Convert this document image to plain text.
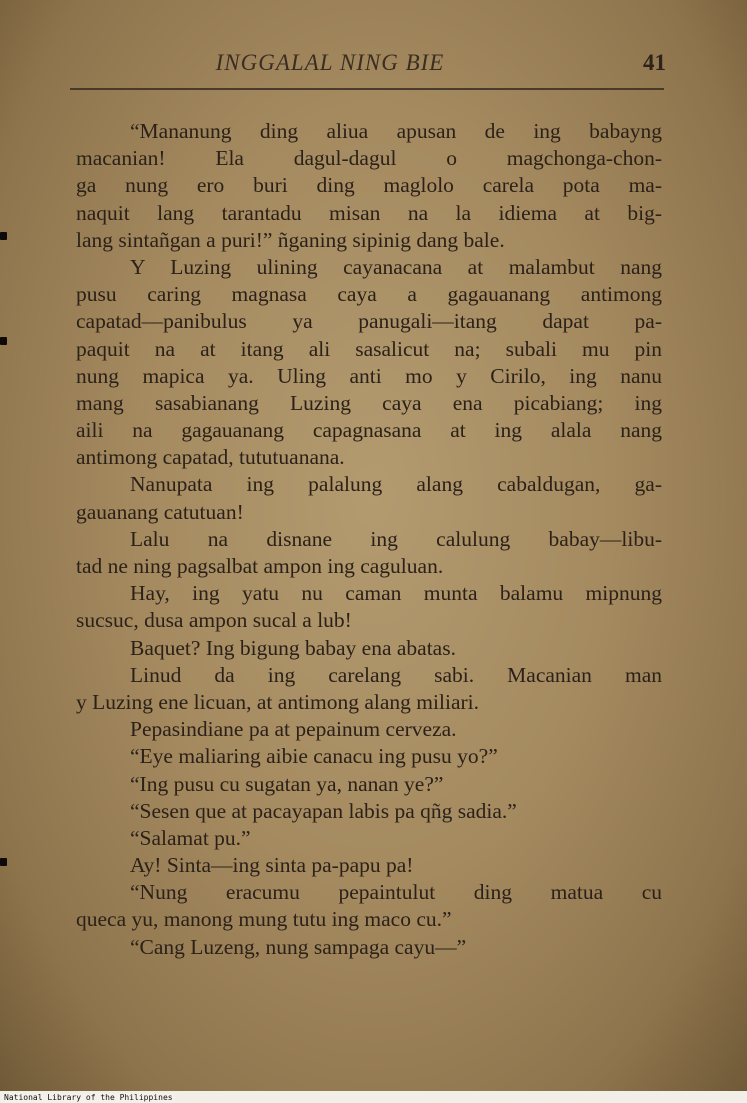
INGGALAL NING BIE	41
“Mananung ding aliua apusan de ing babayng
macanian! Ela dagul-dagul o magchonga-chon-
ga nung ero buri ding maglolo carela pota ma-
naquit lang tarantadu misan na la idiema at big-
lang sintañgan a puri!” ñganing sipinig dang bale.
Y Luzing ulining cayanacana at malambut nang
pusu caring magnasa caya a gagauanang antimong
capatad—panibulus ya panugali—itang dapat pa-
paquit na at itang ali sasalicut na; subali mu pin
nung mapica ya. Uling anti mo y Cirilo, ing nanu
mang sasabianang Luzing caya ena picabiang; ing
aili na gagauanang capagnasana at ing alala nang
antimong capatad, tututuanana.
Nanupata ing palalung alang cabaldugan, ga-
gauanang catutuan!
Lalu na disnane ing calulung babay—libu-
tad ne ning pagsalbat ampon ing caguluan.
Hay, ing yatu nu caman munta balamu mipnung
sucsuc, dusa ampon sucal a lub!
Baquet? Ing bigung babay ena abatas.
Linud da ing carelang sabi. Macanian man
y Luzing ene licuan, at antimong alang miliari.
Pepasindiane pa at pepainum cerveza.
“Eye maliaring aibie canacu ing pusu yo?”
“Ing pusu cu sugatan ya, nanan ye?”
“Sesen que at pacayapan labis pa qñg sadia.”
“Salamat pu.”
Ay! Sinta—ing sinta pa-papu pa!
“Nung eracumu pepaintulut ding matua cu
queca yu, manong mung tutu ing maco cu.”
“Cang Luzeng, nung sampaga cayu—”
National Library of the Philippines
